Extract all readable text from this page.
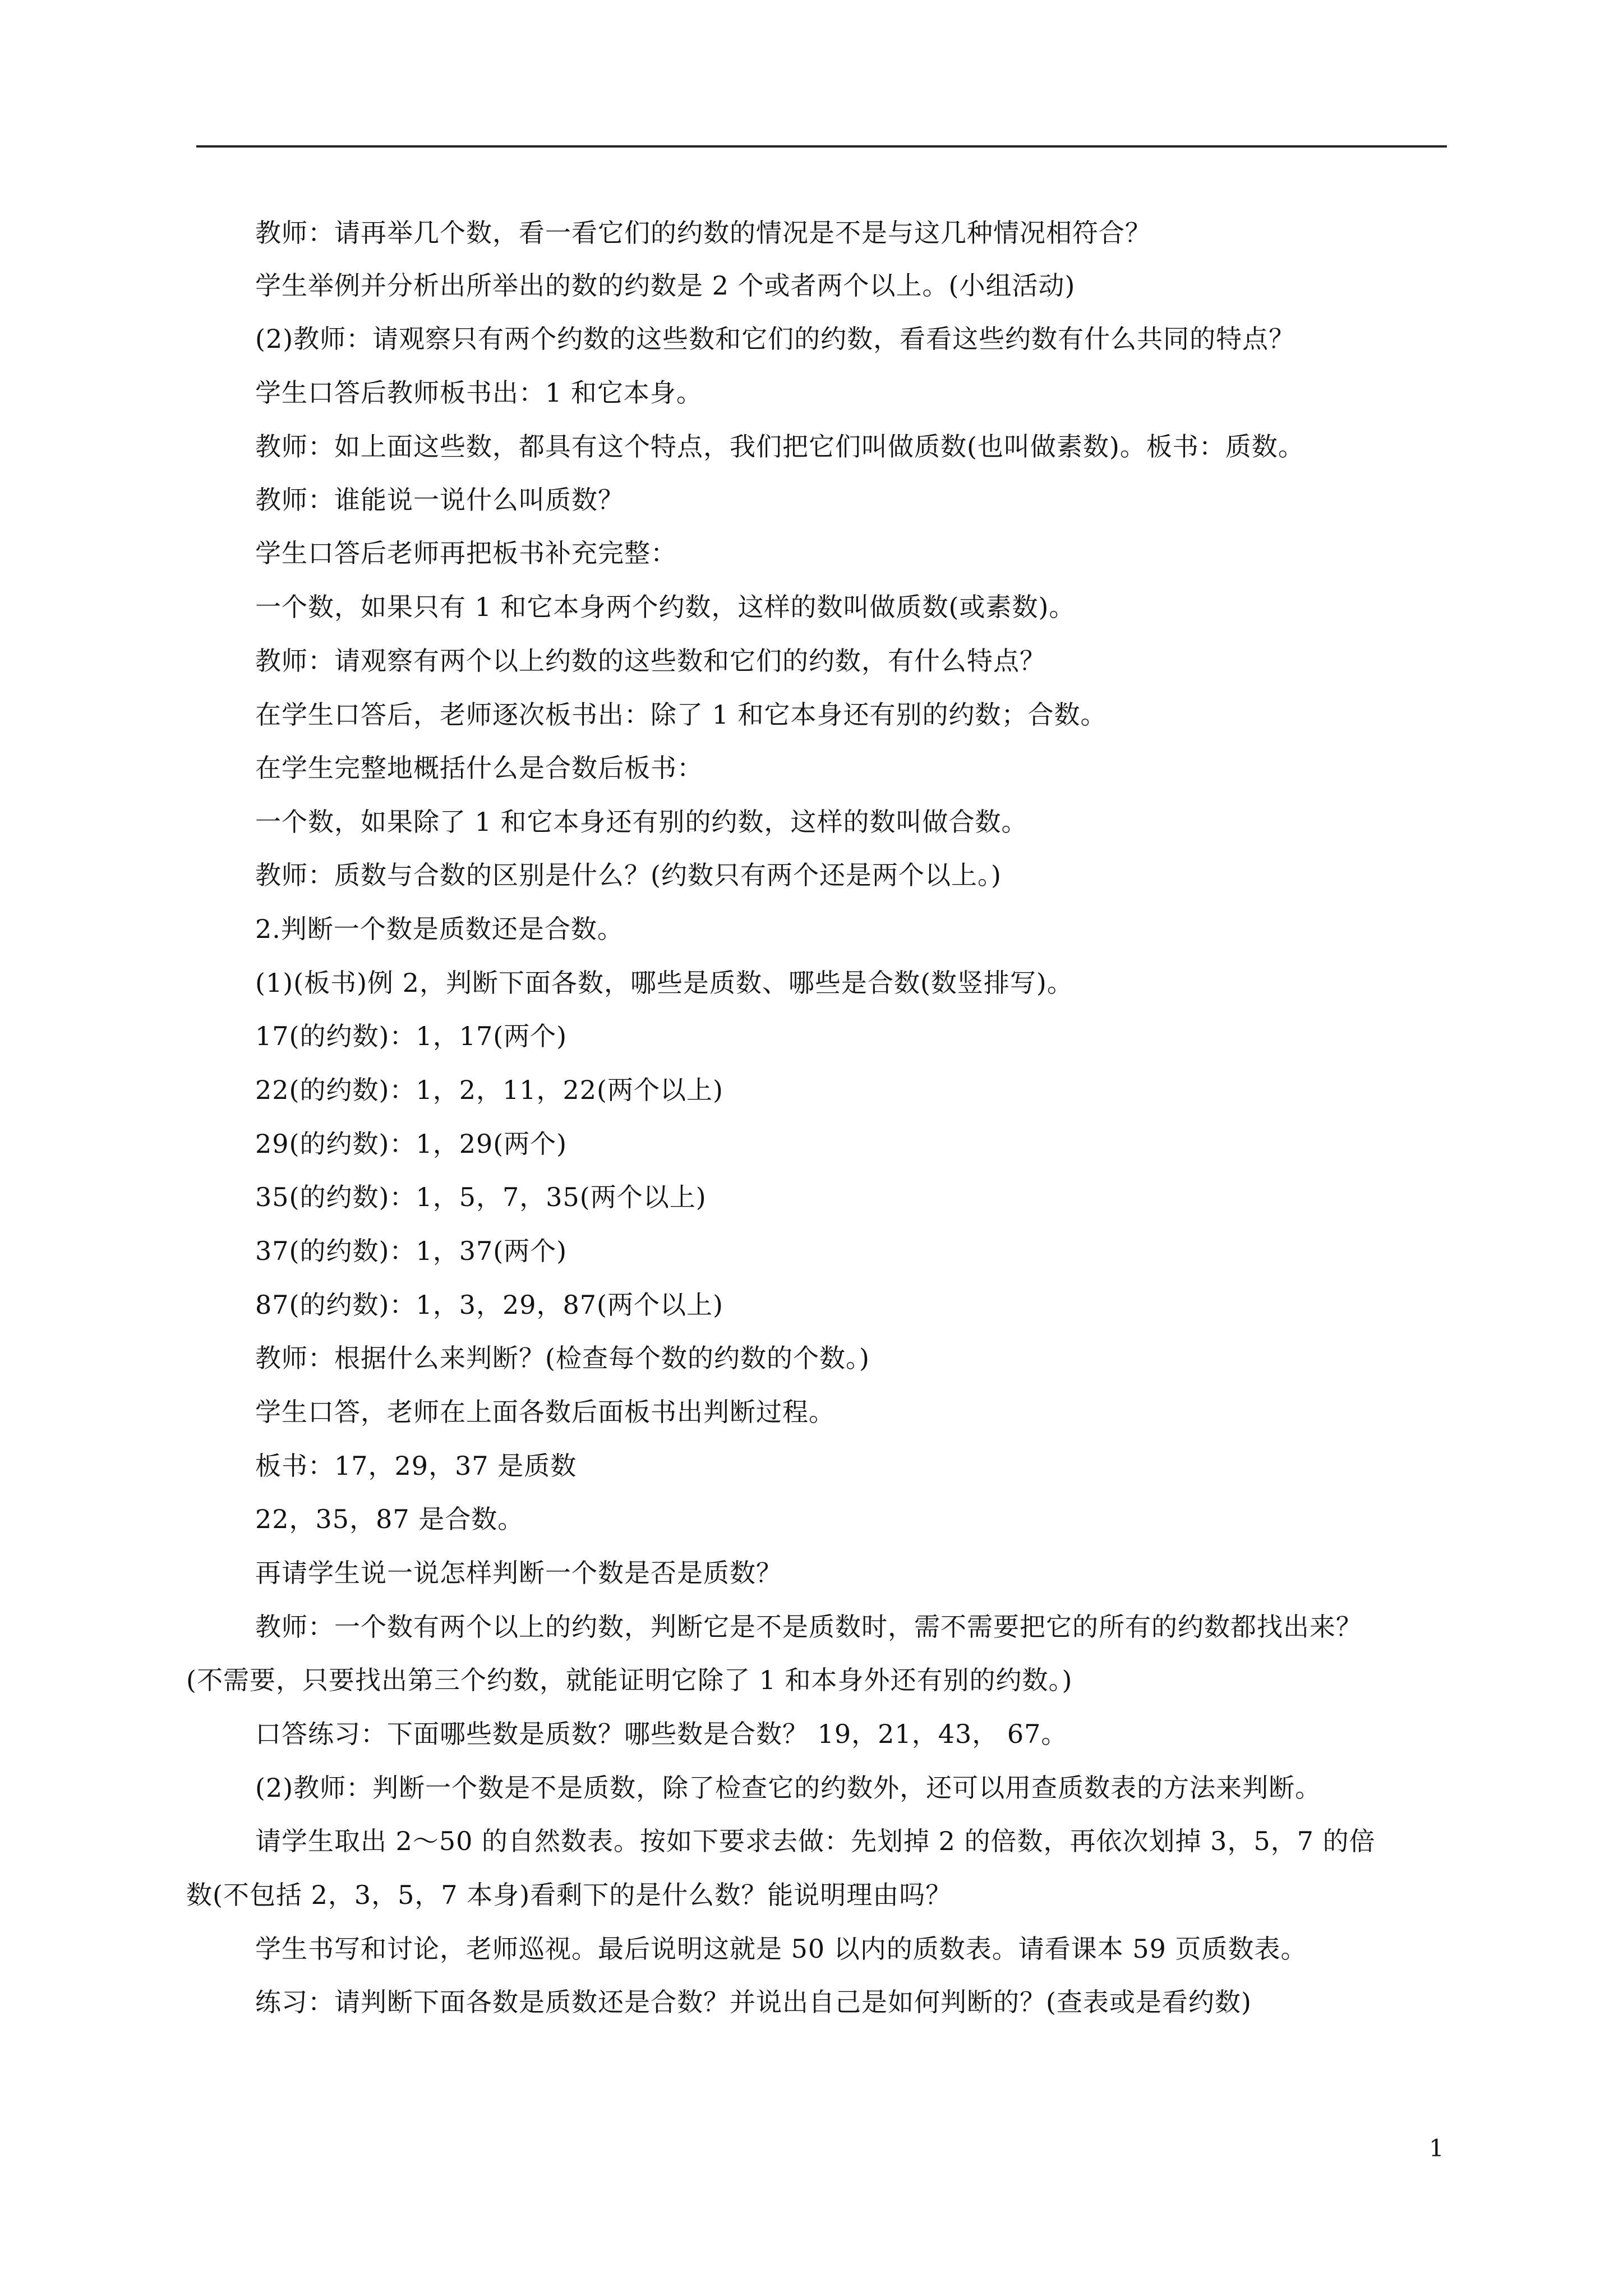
教师：请再举几个数，看一看它们的约数的情况是不是与这几种情况相符合？
学生举例并分析出所举出的数的约数是 2 个或者两个以上。(小组活动)
(2)教师：请观察只有两个约数的这些数和它们的约数，看看这些约数有什么共同的特点？
学生口答后教师板书出：1 和它本身。
教师：如上面这些数，都具有这个特点，我们把它们叫做质数(也叫做素数)。板书：质数。
教师：谁能说一说什么叫质数？
学生口答后老师再把板书补充完整：
一个数，如果只有 1 和它本身两个约数，这样的数叫做质数(或素数)。
教师：请观察有两个以上约数的这些数和它们的约数，有什么特点？
在学生口答后，老师逐次板书出：除了 1 和它本身还有别的约数；合数。
在学生完整地概括什么是合数后板书：
一个数，如果除了 1 和它本身还有别的约数，这样的数叫做合数。
教师：质数与合数的区别是什么？(约数只有两个还是两个以上。)
2.判断一个数是质数还是合数。
(1)(板书)例 2，判断下面各数，哪些是质数、哪些是合数(数竖排写)。
17(的约数)：1，17(两个)
22(的约数)：1，2，11，22(两个以上)
29(的约数)：1，29(两个)
35(的约数)：1，5，7，35(两个以上)
37(的约数)：1，37(两个)
87(的约数)：1，3，29，87(两个以上)
教师：根据什么来判断？(检查每个数的约数的个数。)
学生口答，老师在上面各数后面板书出判断过程。
板书：17，29，37 是质数
22，35，87 是合数。
再请学生说一说怎样判断一个数是否是质数？
教师：一个数有两个以上的约数，判断它是不是质数时，需不需要把它的所有的约数都找出来？
(不需要，只要找出第三个约数，就能证明它除了 1 和本身外还有别的约数。)
口答练习：下面哪些数是质数？哪些数是合数？ 19，21，43， 67。
(2)教师：判断一个数是不是质数，除了检查它的约数外，还可以用查质数表的方法来判断。
请学生取出 2～50 的自然数表。按如下要求去做：先划掉 2 的倍数，再依次划掉 3，5，7 的倍
数(不包括 2，3，5，7 本身)看剩下的是什么数？能说明理由吗？
学生书写和讨论，老师巡视。最后说明这就是 50 以内的质数表。请看课本 59 页质数表。
练习：请判断下面各数是质数还是合数？并说出自己是如何判断的？(查表或是看约数)
1
